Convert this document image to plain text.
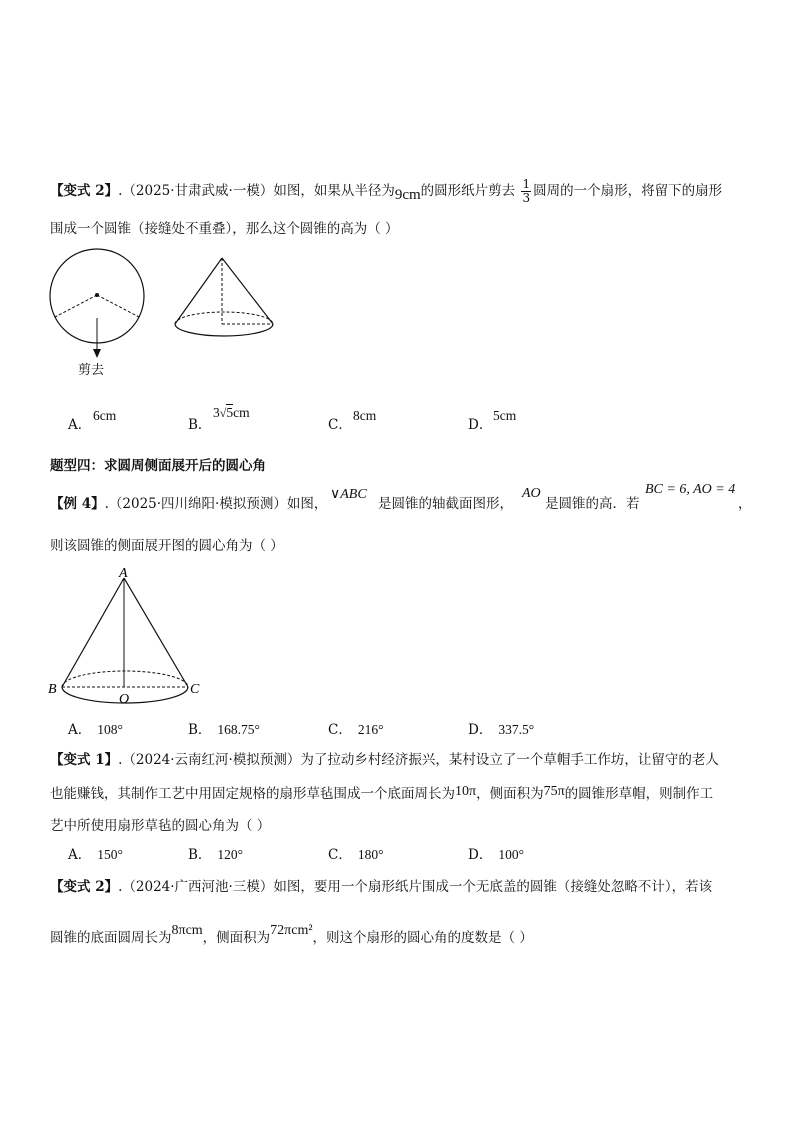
【变式 2】.（2025·甘肃武威·一模）如图，如果从半径为9cm的圆形纸片剪去 $\frac{1}{3}$ 圆周的一个扇形，将留下的扇形
围成一个圆锥（接缝处不重叠），那么这个圆锥的高为（ ）
剪去
A．
6cm
B．
3√5cm
C．
8cm
D．
5cm
题型四：求圆周侧面展开后的圆心角
【例 4】.（2025·四川绵阳·模拟预测）如图，
∨ABC
是圆锥的轴截面图形，
AO
是圆锥的高．若
BC = 6, AO = 4
，
则该圆锥的侧面展开图的圆心角为（ ）
A
B	C
O
A． 108°	B． 168.75°	C． 216°	D． 337.5°
【变式 1】.（2024·云南红河·模拟预测）为了拉动乡村经济振兴，某村设立了一个草帽手工作坊，让留守的老人
也能赚钱，其制作工艺中用固定规格的扇形草毡围成一个底面周长为10π，侧面积为75π的圆锥形草帽，则制作工
艺中所使用扇形草毡的圆心角为（ ）
A． 150°	B． 120°	C． 180°	D． 100°
【变式 2】.（2024·广西河池·三模）如图，要用一个扇形纸片围成一个无底盖的圆锥（接缝处忽略不计），若该
圆锥的底面圆周长为8πcm，侧面积为72πcm²，则这个扇形的圆心角的度数是（ ）
